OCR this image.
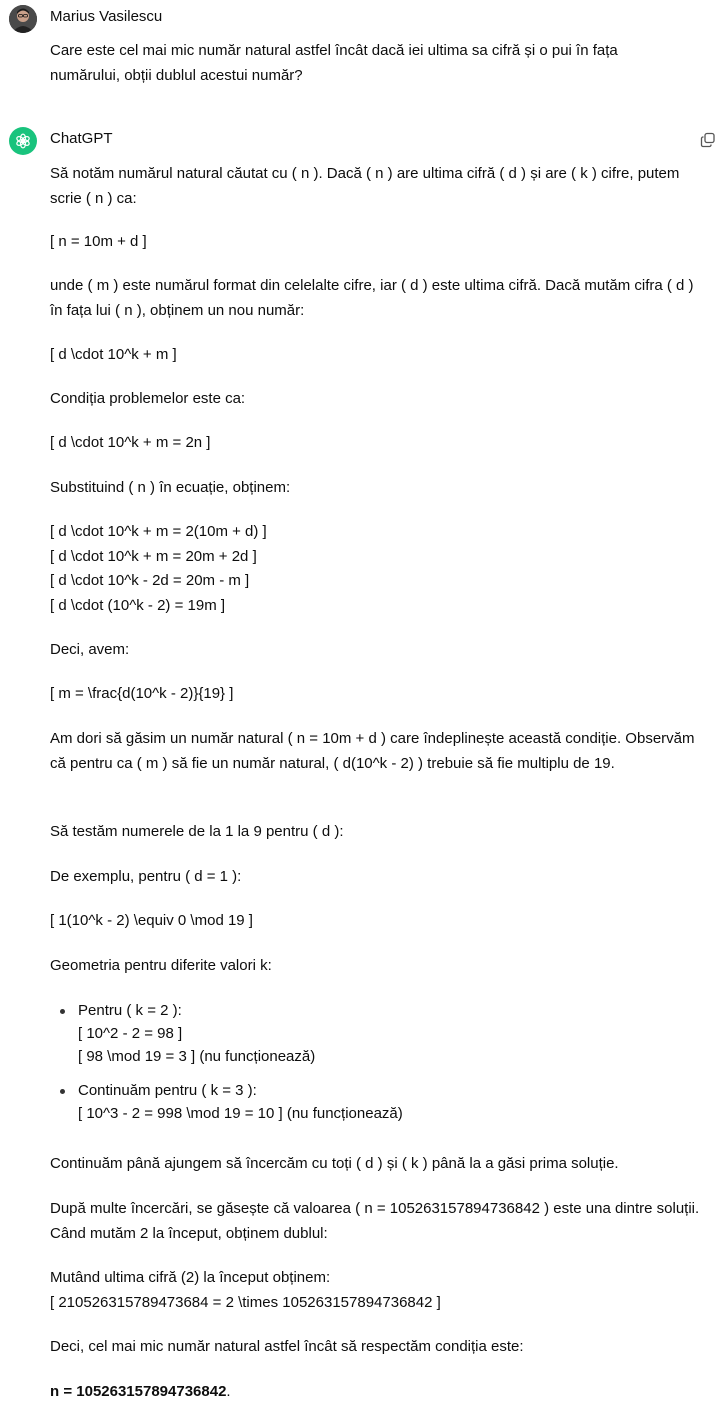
Marius Vasilescu

Care este cel mai mic număr natural astfel încât dacă iei ultima sa cifră și o pui în fața numărului, obții dublul acestui număr?

ChatGPT
Să notăm numărul natural căutat cu ( n ). Dacă ( n ) are ultima cifră ( d ) și are ( k ) cifre, putem scrie ( n ) ca:
[ n = 10m + d ]
unde ( m ) este numărul format din celelalte cifre, iar ( d ) este ultima cifră. Dacă mutăm cifra ( d ) în fața lui ( n ), obținem un nou număr:
[ d \cdot 10^k + m ]
Condiția problemelor este ca:
[ d \cdot 10^k + m = 2n ]
Substituind ( n ) în ecuație, obținem:

[ d \cdot 10^k + m = 2(10m + d) ]

[ d \cdot 10^k + m = 20m + 2d ]

[ d \cdot 10^k - 2d = 20m - m ]

[ d \cdot (10^k - 2) = 19m ]

Deci, avem:
[ m = \frac{d(10^k - 2)}{19} ]
Am dori să găsim un număr natural ( n = 10m + d ) care îndeplinește această condiție. Observăm că pentru ca ( m ) să fie un număr natural, ( d(10^k - 2) ) trebuie să fie multiplu de 19.
Să testăm numerele de la 1 la 9 pentru ( d ):
De exemplu, pentru ( d = 1 ):
[ 1(10^k - 2) \equiv 0 \mod 19 ]
Geometria pentru diferite valori k:
Pentru ( k = 2 ):
[ 10^2 - 2 = 98 ]
[ 98 \mod 19 = 3 ] (nu funcționează)
Continuăm pentru ( k = 3 ):
[ 10^3 - 2 = 998 \mod 19 = 10 ] (nu funcționează)
Continuăm până ajungem să încercăm cu toți ( d ) și ( k ) până la a găsi prima soluție.
După multe încercări, se găsește că valoarea ( n = 105263157894736842 ) este una dintre soluții. Când mutăm 2 la început, obținem dublul:

Mutând ultima cifră (2) la început obținem:

[ 210526315789473684 = 2 \times 105263157894736842 ]

Deci, cel mai mic număr natural astfel încât să respectăm condiția este:
n = 105263157894736842.
